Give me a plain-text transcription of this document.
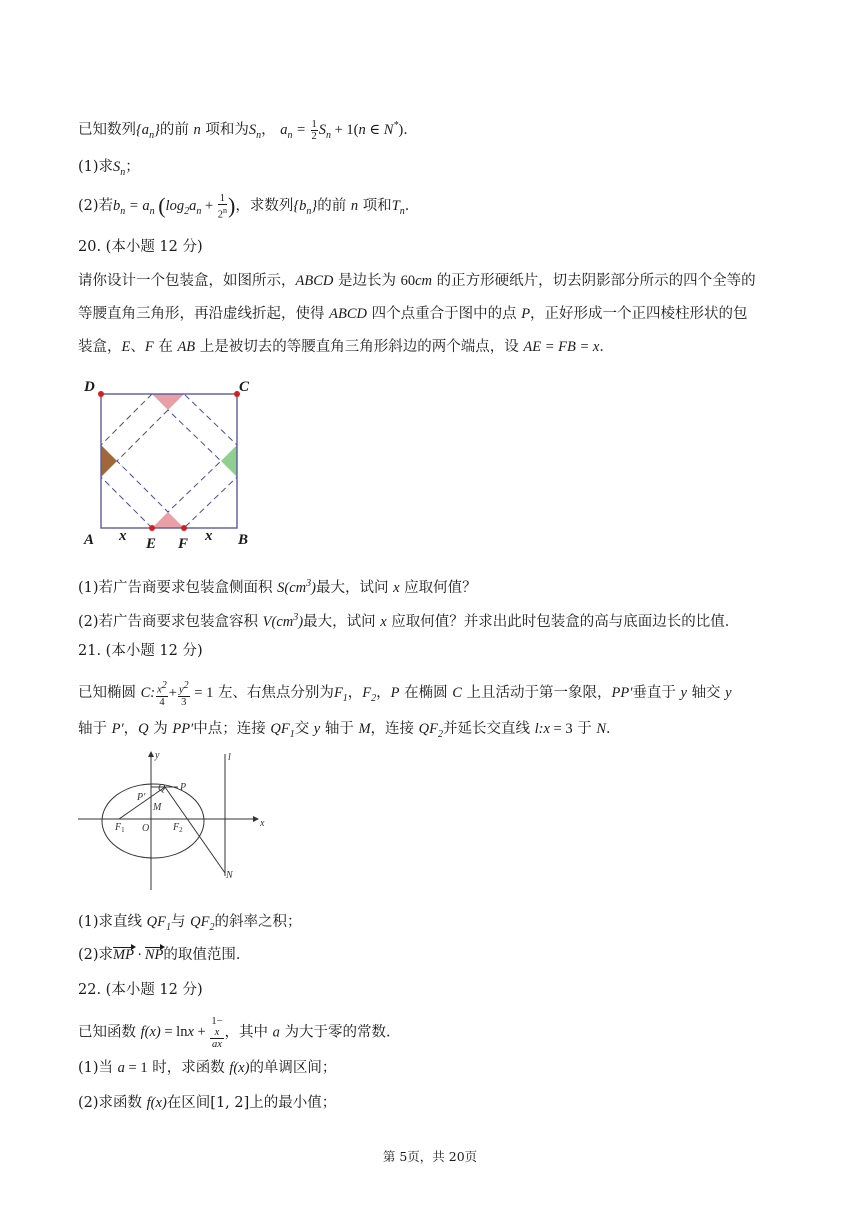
已知数列$\{a_n\}$的前 n 项和为$S_n$， $a_n = \frac{1}{2} S_n + 1(n$ ∈ N*)．
(1)求$S_n$；
(2)若$b_n = a_n$ ($\log_2a_n + \frac{1}{2^n}$ )，求数列$\{b_n\}$的前 n 项和$T_n$．
20. (本小题 12 分)
请你设计一个包装盒，如图所示，ABCD 是边长为 60cm 的正方形硬纸片，切去阴影部分所示的四个全等的
等腰直角三角形，再沿虚线折起，使得 ABCD 四个点重合于图中的点 P，正好形成一个正四棱柱形状的包
装盒，E、F 在 AB 上是被切去的等腰直角三角形斜边的两个端点，设 AE = FB = x．
D	C
A x E F x B
(1)若广告商要求包装盒侧面积 $S(cm^3)$最大，试问 x 应取何值？
(2)若广告商要求包装盒容积 $V(cm^3)$最大，试问 x 应取何值？并求出此时包装盒的高与底面边长的比值．
21. (本小题 12 分)
已知椭圆 C: $\frac{x^2}{4} + \frac{y^2}{3} = 1$ 左、右焦点分别为$F_1$，$F_2$，P 在椭圆 C 上且活动于第一象限，PP′垂直于 y 轴交 y
轴于 P′，Q 为 PP′中点；连接 $QF_1$交 y 轴于 M，连接 $QF_2$并延长交直线 l:x = 3 于 N．
y	l
x
Q P
P′
M
$F_1$ O $F_2$
N
(1)求直线 $QF_1$与 $QF_2$的斜率之积；
(2)求MP · NP的取值范围．
22. (本小题 12 分)
已知函数 f(x) = lnx + 1−
x
ax ，其中 a 为大于零的常数．
(1)当 a = 1 时，求函数 f(x)的单调区间；
(2)求函数 f(x)在区间[1, 2]上的最小值；
第 5页，共 20页
